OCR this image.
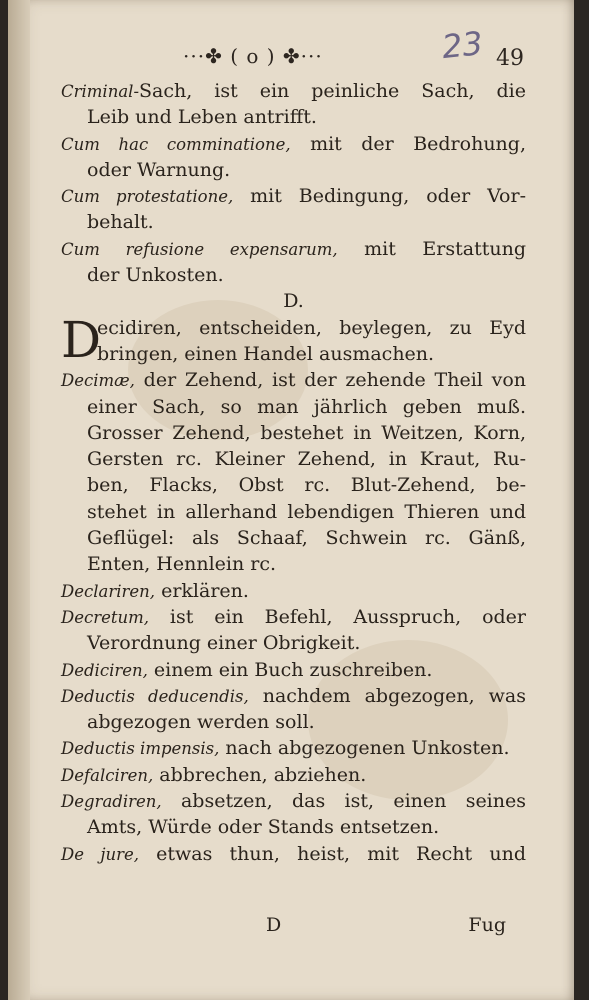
···✤ ( o ) ✤···	23 49
Criminal-Sach, ist ein peinliche Sach, die
Leib und Leben antrifft.
Cum hac comminatione, mit der Bedrohung,
oder Warnung.
Cum protestatione, mit Bedingung, oder Vor-
behalt.
Cum refusione expensarum, mit Erstattung
der Unkosten.
D.
D
ecidiren, entscheiden, beylegen, zu Eyd
bringen, einen Handel ausmachen.
Decimæ, der Zehend, ist der zehende Theil von
einer Sach, so man jährlich geben muß.
Grosser Zehend, bestehet in Weitzen, Korn,
Gersten rc. Kleiner Zehend, in Kraut, Ru-
ben, Flacks, Obst rc. Blut-Zehend, be-
stehet in allerhand lebendigen Thieren und
Geflügel: als Schaaf, Schwein rc. Gänß,
Enten, Hennlein rc.
Declariren, erklären.
Decretum, ist ein Befehl, Ausspruch, oder
Verordnung einer Obrigkeit.
Dediciren, einem ein Buch zuschreiben.
Deductis deducendis, nachdem abgezogen, was
abgezogen werden soll.
Deductis impensis, nach abgezogenen Unkosten.
Defalciren, abbrechen, abziehen.
Degradiren, absetzen, das ist, einen seines
Amts, Würde oder Stands entsetzen.
De jure, etwas thun, heist, mit Recht und
D	Fug
